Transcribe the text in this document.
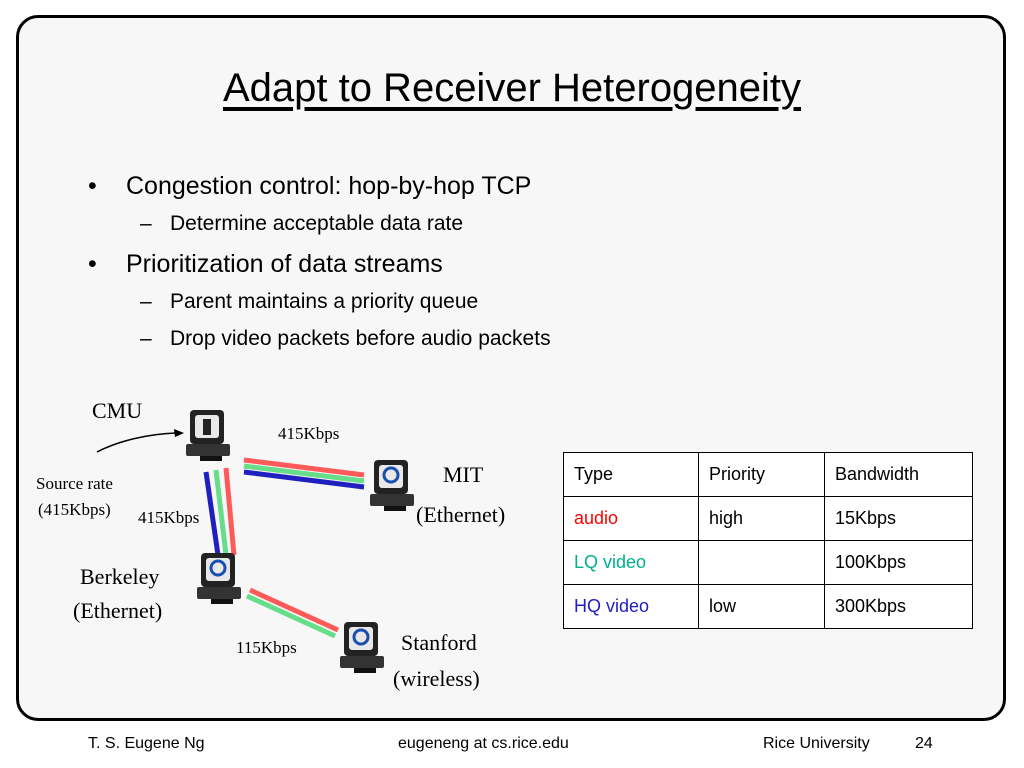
Adapt to Receiver Heterogeneity
• Congestion control: hop-by-hop TCP
– Determine acceptable data rate
• Prioritization of data streams
– Parent maintains a priority queue
– Drop video packets before audio packets
CMU
Source rate
(415Kbps)
415Kbps
415Kbps
115Kbps
MIT
(Ethernet)
Berkeley
(Ethernet)
Stanford
(wireless)
Type	Priority	Bandwidth
audio	high	15Kbps
LQ video		100Kbps
HQ video	low	300Kbps
T. S. Eugene Ng	eugeneng at cs.rice.edu	Rice University	24
